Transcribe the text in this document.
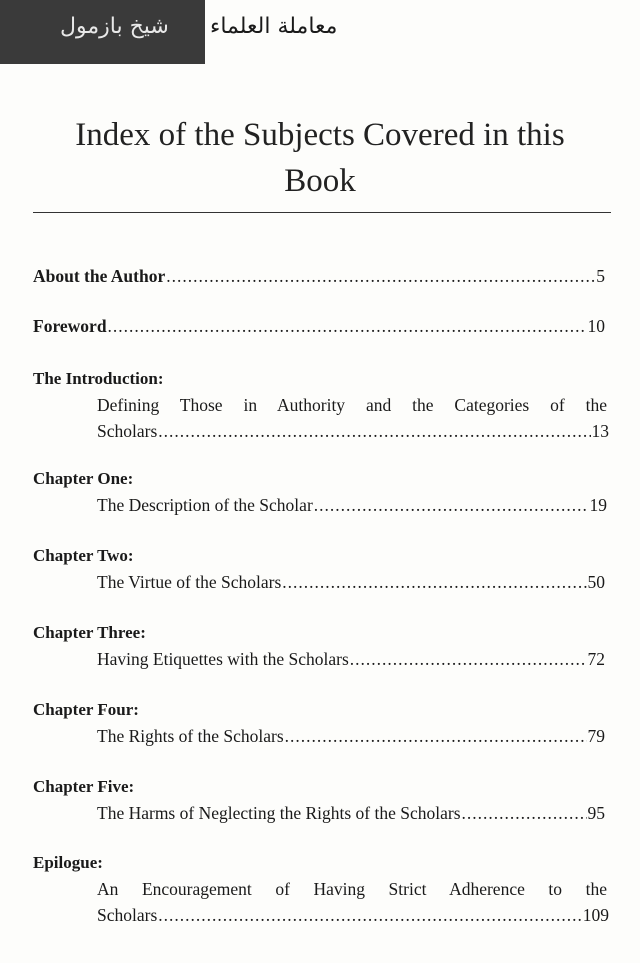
شيخ بازمول معاملة العلماء
Index of the Subjects Covered in this
Book
About the Author .....	5
Foreword .....	10
The Introduction:
Defining Those in Authority and the Categories of the
Scholars .....	13
Chapter One:
The Description of the Scholar .....	19
Chapter Two:
The Virtue of the Scholars .....	50
Chapter Three:
Having Etiquettes with the Scholars .....	72
Chapter Four:
The Rights of the Scholars .....	79
Chapter Five:
The Harms of Neglecting the Rights of the Scholars .....	95
Epilogue:
An Encouragement of Having Strict Adherence to the
Scholars .....	109
